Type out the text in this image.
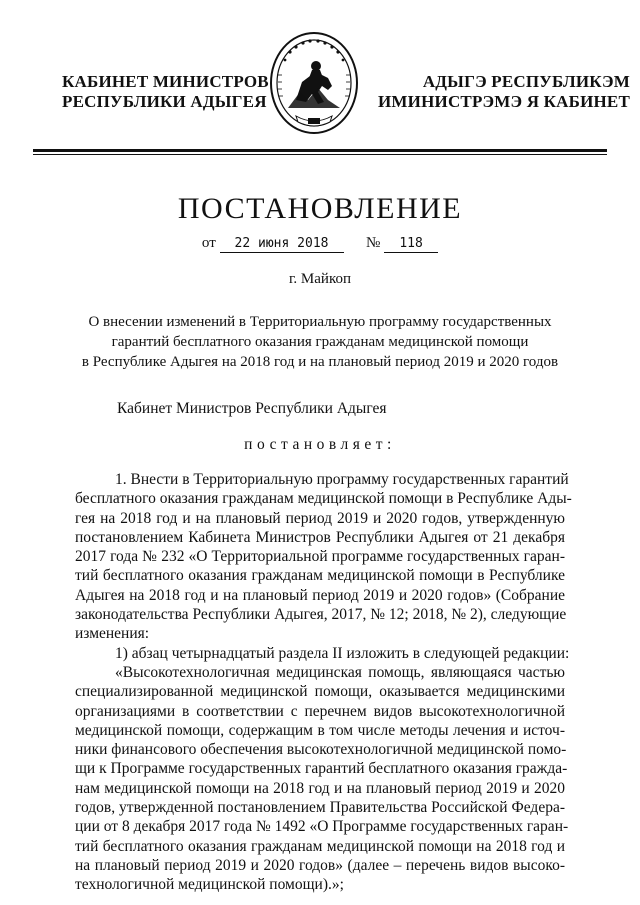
КАБИНЕТ МИНИСТРОВ
РЕСПУБЛИКИ АДЫГЕЯ
АДЫГЭ РЕСПУБЛИКЭМ
ИМИНИСТРЭМЭ Я КАБИНЕТ
ПОСТАНОВЛЕНИЕ
от 22 июня 2018	№ 118
г. Майкоп
О внесении изменений в Территориальную программу государственных
гарантий бесплатного оказания гражданам медицинской помощи
в Республике Адыгея на 2018 год и на плановый период 2019 и 2020 годов
Кабинет Министров Республики Адыгея
постановляет:
1. Внести в Территориальную программу государственных гарантий
бесплатного оказания гражданам медицинской помощи в Республике Ады-
гея на 2018 год и на плановый период 2019 и 2020 годов, утвержденную
постановлением Кабинета Министров Республики Адыгея от 21 декабря
2017 года № 232 «О Территориальной программе государственных гаран-
тий бесплатного оказания гражданам медицинской помощи в Республике
Адыгея на 2018 год и на плановый период 2019 и 2020 годов» (Собрание
законодательства Республики Адыгея, 2017, № 12; 2018, № 2), следующие
изменения:
1) абзац четырнадцатый раздела II изложить в следующей редакции:
«Высокотехнологичная медицинская помощь, являющаяся частью
специализированной медицинской помощи, оказывается медицинскими
организациями в соответствии с перечнем видов высокотехнологичной
медицинской помощи, содержащим в том числе методы лечения и источ-
ники финансового обеспечения высокотехнологичной медицинской помо-
щи к Программе государственных гарантий бесплатного оказания гражда-
нам медицинской помощи на 2018 год и на плановый период 2019 и 2020
годов, утвержденной постановлением Правительства Российской Федера-
ции от 8 декабря 2017 года № 1492 «О Программе государственных гаран-
тий бесплатного оказания гражданам медицинской помощи на 2018 год и
на плановый период 2019 и 2020 годов» (далее – перечень видов высоко-
технологичной медицинской помощи).»;
